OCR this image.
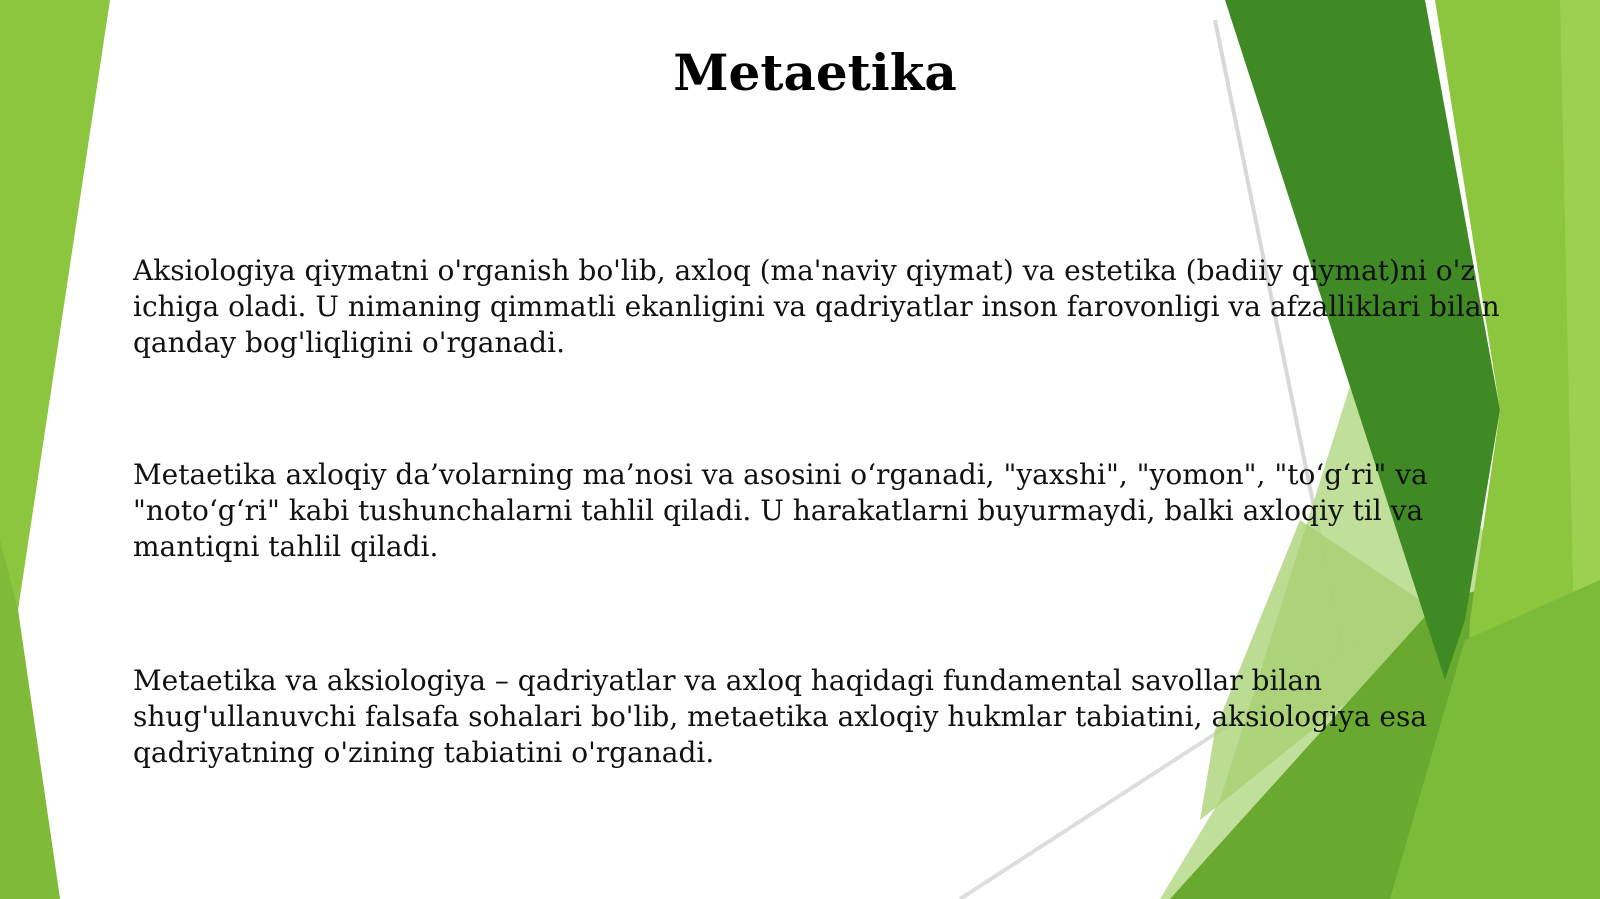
Metaetika

Aksiologiya qiymatni o'rganish bo'lib, axloq (ma'naviy qiymat) va estetika (badiiy qiymat)ni o'z ichiga oladi. U nimaning qimmatli ekanligini va qadriyatlar inson farovonligi va afzalliklari bilan qanday bog'liqligini o'rganadi.

Metaetika axloqiy da’volarning ma’nosi va asosini o‘rganadi, "yaxshi", "yomon", "to‘g‘ri" va "noto‘g‘ri" kabi tushunchalarni tahlil qiladi. U harakatlarni buyurmaydi, balki axloqiy til va mantiqni tahlil qiladi.

Metaetika va aksiologiya – qadriyatlar va axloq haqidagi fundamental savollar bilan shug'ullanuvchi falsafa sohalari bo'lib, metaetika axloqiy hukmlar tabiatini, aksiologiya esa qadriyatning o'zining tabiatini o'rganadi.
